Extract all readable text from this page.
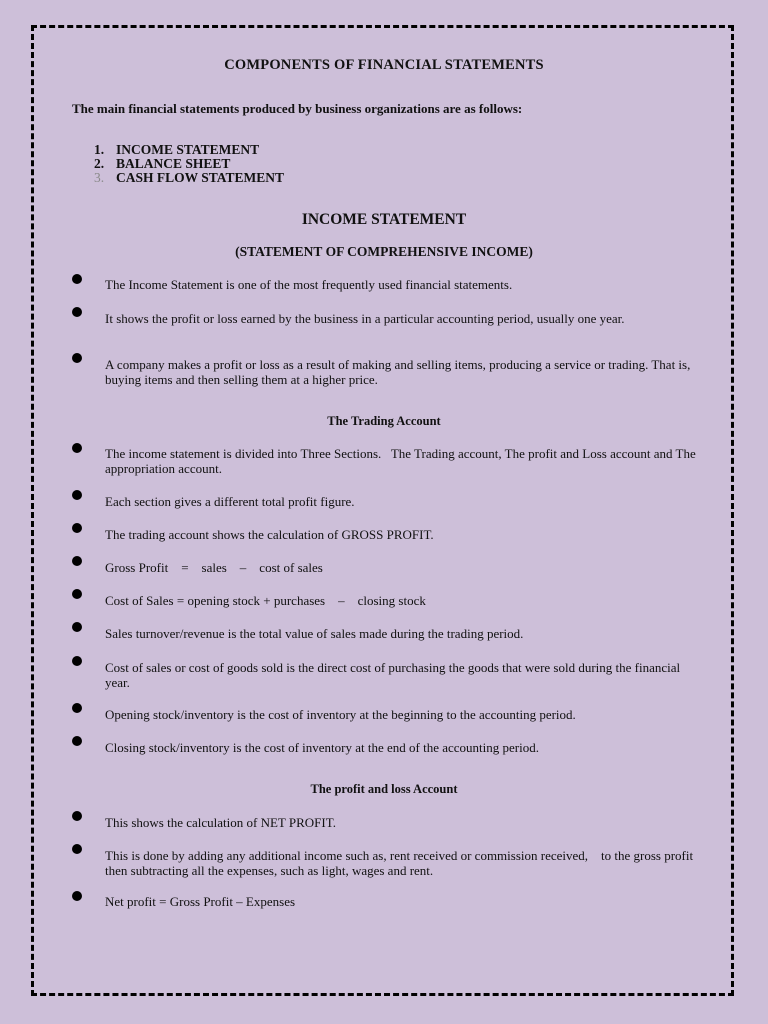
COMPONENTS OF FINANCIAL STATEMENTS

The main financial statements produced by business organizations are as follows:

1. INCOME STATEMENT
2. BALANCE SHEET
3. CASH FLOW STATEMENT
INCOME STATEMENT
(STATEMENT OF COMPREHENSIVE INCOME)

The Income Statement is one of the most frequently used financial statements.

It shows the profit or loss earned by the business in a particular accounting period, usually one year.

A company makes a profit or loss as a result of making and selling items, producing a service or trading. That is, buying items and then selling them at a higher price.

The Trading Account

The income statement is divided into Three Sections.   The Trading account, The profit and Loss account and The appropriation account.

Each section gives a different total profit figure.

The trading account shows the calculation of GROSS PROFIT.

Gross Profit    =    sales    –    cost of sales

Cost of Sales = opening stock + purchases    –    closing stock

Sales turnover/revenue is the total value of sales made during the trading period.

Cost of sales or cost of goods sold is the direct cost of purchasing the goods that were sold during the financial year.

Opening stock/inventory is the cost of inventory at the beginning to the accounting period.

Closing stock/inventory is the cost of inventory at the end of the accounting period.

The profit and loss Account

This shows the calculation of NET PROFIT.

This is done by adding any additional income such as, rent received or commission received,    to the gross profit then subtracting all the expenses, such as light, wages and rent.

Net profit = Gross Profit – Expenses
